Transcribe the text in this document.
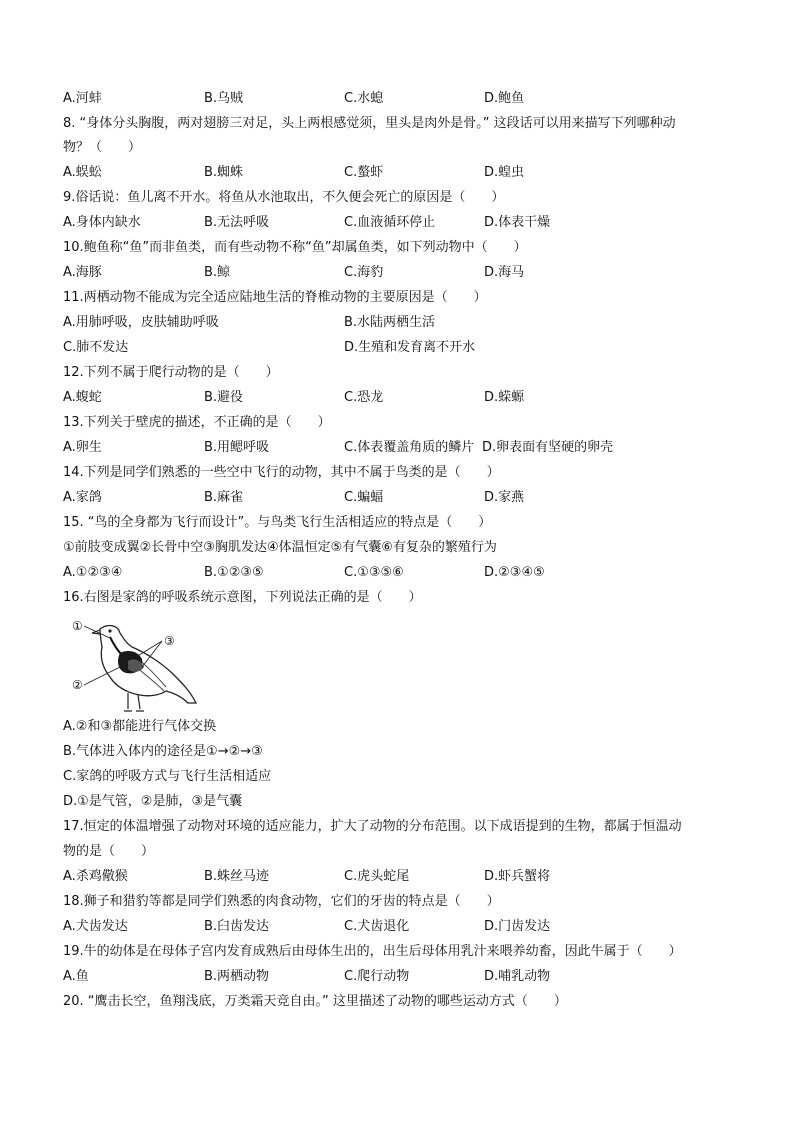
A.河蚌	B.乌贼	C.水螅	D.鲍鱼
8. “身体分头胸腹，两对翅膀三对足，头上两根感觉须，里头是肉外是骨。” 这段话可以用来描写下列哪种动
物？（　　）
A.蜈蚣	B.蜘蛛	C.螯虾	D.蝗虫
9.俗话说：鱼儿离不开水。将鱼从水池取出，不久便会死亡的原因是（　　）
A.身体内缺水	B.无法呼吸	C.血液循环停止	D.体表干燥
10.鲍鱼称“鱼”而非鱼类，而有些动物不称“鱼”却属鱼类，如下列动物中（　　）
A.海豚	B.鲸	C.海豹	D.海马
11.两栖动物不能成为完全适应陆地生活的脊椎动物的主要原因是（　　）
A.用肺呼吸，皮肤辅助呼吸	B.水陆两栖生活
C.肺不发达	D.生殖和发育离不开水
12.下列不属于爬行动物的是（　　）
A.蝮蛇	B.避役	C.恐龙	D.蝾螈
13.下列关于壁虎的描述，不正确的是（　　）
A.卵生	B.用鳃呼吸	C.体表覆盖角质的鳞片 D.卵表面有坚硬的卵壳
14.下列是同学们熟悉的一些空中飞行的动物，其中不属于鸟类的是（　　）
A.家鸽	B.麻雀	C.蝙蝠	D.家燕
15. “鸟的全身都为飞行而设计”。与鸟类飞行生活相适应的特点是（　　）
①前肢变成翼②长骨中空③胸肌发达④体温恒定⑤有气囊⑥有复杂的繁殖行为
A.①②③④	B.①②③⑤	C.①③⑤⑥	D.②③④⑤
16.右图是家鸽的呼吸系统示意图，下列说法正确的是（　　）
①
②
③
A.②和③都能进行气体交换
B.气体进入体内的途径是①→②→③
C.家鸽的呼吸方式与飞行生活相适应
D.①是气管，②是肺，③是气囊
17.恒定的体温增强了动物对环境的适应能力，扩大了动物的分布范围。以下成语提到的生物，都属于恒温动
物的是（　　）
A.杀鸡儆猴	B.蛛丝马迹	C.虎头蛇尾	D.虾兵蟹将
18.狮子和猎豹等都是同学们熟悉的肉食动物，它们的牙齿的特点是（　　）
A.犬齿发达	B.臼齿发达	C.犬齿退化	D.门齿发达
19.牛的幼体是在母体子宫内发育成熟后由母体生出的，出生后母体用乳汁来喂养幼畜，因此牛属于（　　）
A.鱼	B.两栖动物	C.爬行动物	D.哺乳动物
20. “鹰击长空，鱼翔浅底，万类霜天竞自由。” 这里描述了动物的哪些运动方式（　　）
